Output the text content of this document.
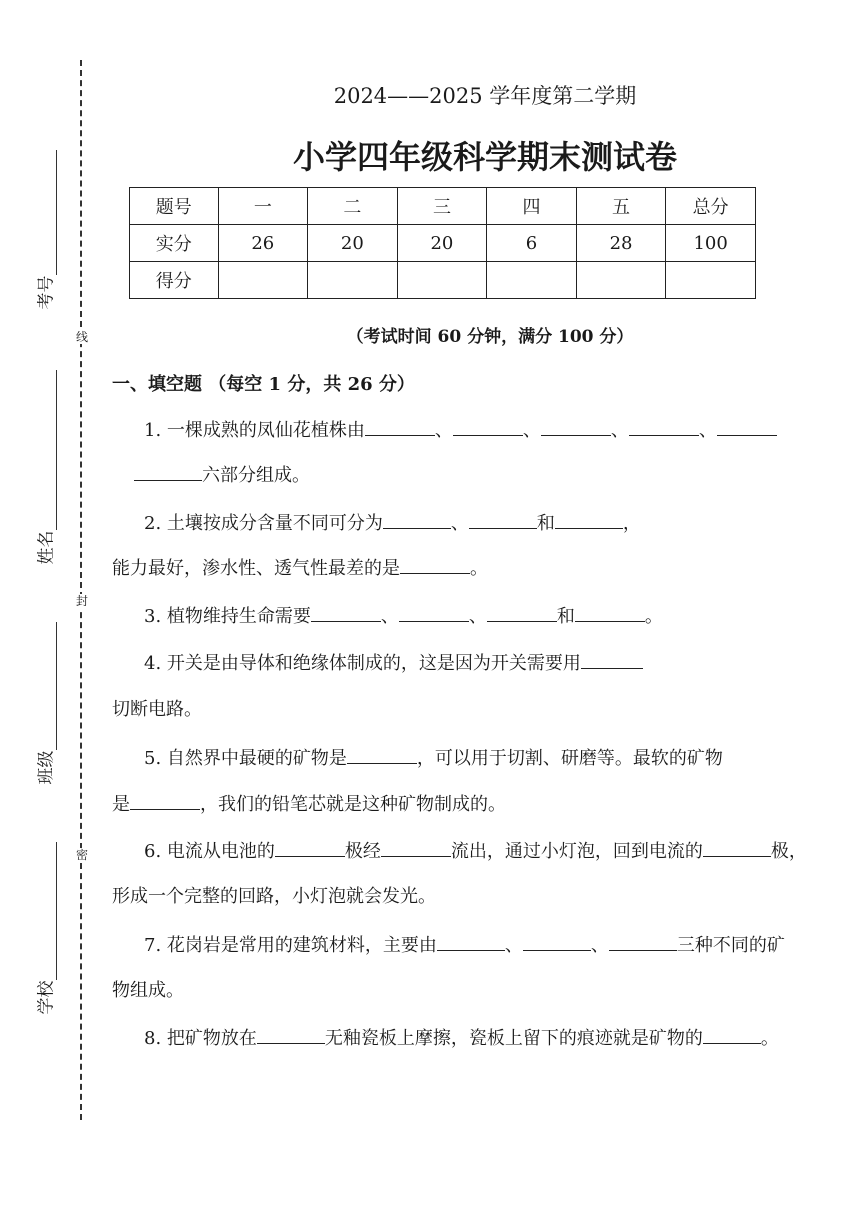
线
封
密
考号
姓名
班级
学校
2024——2025 学年度第二学期
小学四年级科学期末测试卷
题号	一	二	三	四	五	总分
实分	26	20	20	6	28	100
得分						
（考试时间 60 分钟，满分 100 分）
一、填空题 （每空 1 分，共 26 分）
1. 一棵成熟的凤仙花植株由	、	、	、	、
六部分组成。
2. 土壤按成分含量不同可分为	、	和	，
能力最好，渗水性、透气性最差的是	。
3. 植物维持生命需要	、	、	和	。
4. 开关是由导体和绝缘体制成的，这是因为开关需要用
切断电路。
5. 自然界中最硬的矿物是	，可以用于切割、研磨等。最软的矿物
是	，我们的铅笔芯就是这种矿物制成的。
6. 电流从电池的	极经	流出，通过小灯泡，回到电流的	极，
形成一个完整的回路，小灯泡就会发光。
7. 花岗岩是常用的建筑材料，主要由	、	、	三种不同的矿
物组成。
8. 把矿物放在	无釉瓷板上摩擦，瓷板上留下的痕迹就是矿物的	。
